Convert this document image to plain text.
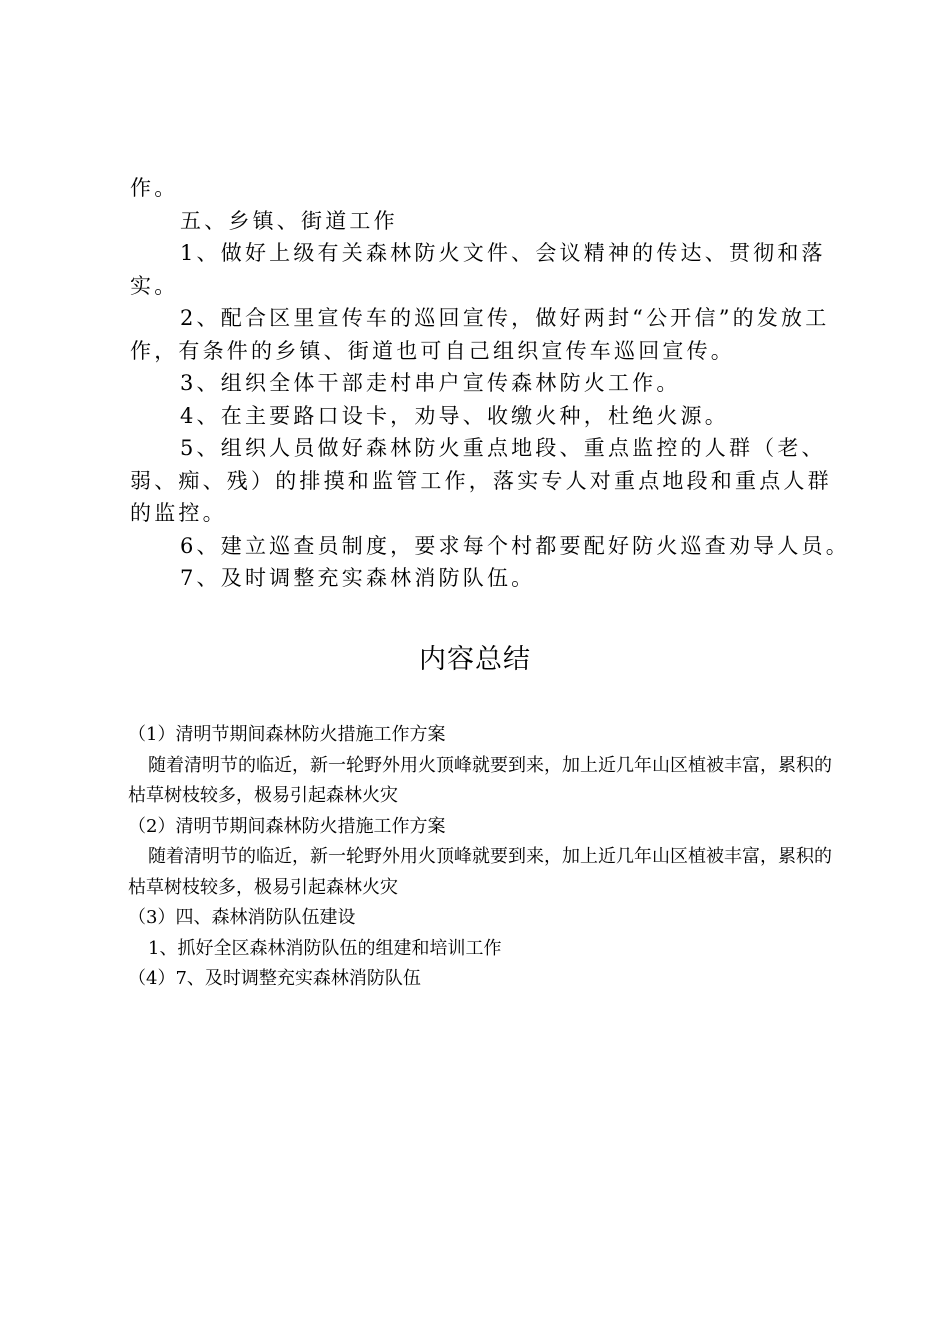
作。

五、乡镇、街道工作

1、做好上级有关森林防火文件、会议精神的传达、贯彻和落实。

2、配合区里宣传车的巡回宣传，做好两封“公开信”的发放工作，有条件的乡镇、街道也可自己组织宣传车巡回宣传。

3、组织全体干部走村串户宣传森林防火工作。

4、在主要路口设卡，劝导、收缴火种，杜绝火源。

5、组织人员做好森林防火重点地段、重点监控的人群（老、弱、痴、残）的排摸和监管工作，落实专人对重点地段和重点人群的监控。

6、建立巡查员制度，要求每个村都要配好防火巡查劝导人员。

7、及时调整充实森林消防队伍。

内容总结

（1）清明节期间森林防火措施工作方案

随着清明节的临近，新一轮野外用火顶峰就要到来，加上近几年山区植被丰富，累积的枯草树枝较多，极易引起森林火灾

（2）清明节期间森林防火措施工作方案

随着清明节的临近，新一轮野外用火顶峰就要到来，加上近几年山区植被丰富，累积的枯草树枝较多，极易引起森林火灾

（3）四、森林消防队伍建设

1、抓好全区森林消防队伍的组建和培训工作

（4）7、及时调整充实森林消防队伍
